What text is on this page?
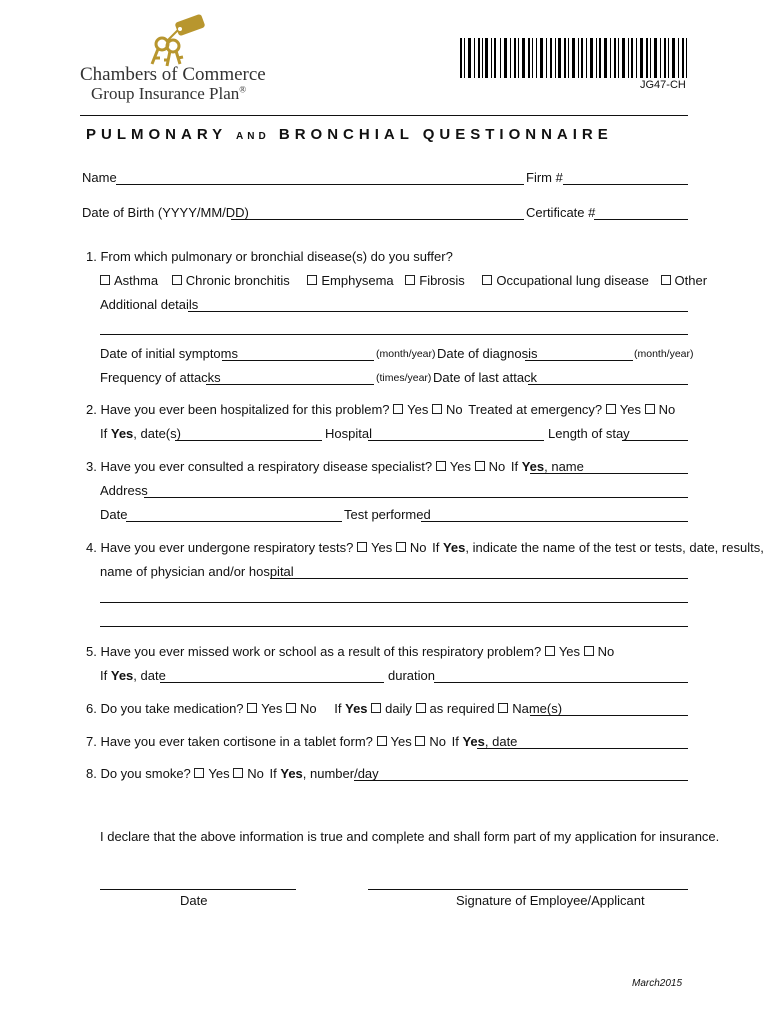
Chambers of Commerce
Group Insurance Plan®	JG47-CH
PULMONARY AND BRONCHIAL QUESTIONNAIRE
Name	Firm #
Date of Birth (YYYY/MM/DD)	Certificate #
1. From which pulmonary or bronchial disease(s) do you suffer?
Asthma Chronic bronchitis Emphysema Fibrosis Occupational lung disease Other
Additional details
Date of initial symptoms	(month/year) Date of diagnosis	(month/year)
Frequency of attacks	(times/year) Date of last attack
2. Have you ever been hospitalized for this problem? Yes No Treated at emergency? Yes No
If Yes, date(s)	Hospital	Length of stay
3. Have you ever consulted a respiratory disease specialist? Yes No If Yes, name
Address
Date	Test performed
4. Have you ever undergone respiratory tests? Yes No If Yes, indicate the name of the test or tests, date, results,
name of physician and/or hospital
5. Have you ever missed work or school as a result of this respiratory problem? Yes No
If Yes, date	duration
6. Do you take medication? Yes No If Yes daily as required Name(s)
7. Have you ever taken cortisone in a tablet form? Yes No If Yes, date
8. Do you smoke? Yes No If Yes, number/day
I declare that the above information is true and complete and shall form part of my application for insurance.
Date	Signature of Employee/Applicant
March2015
